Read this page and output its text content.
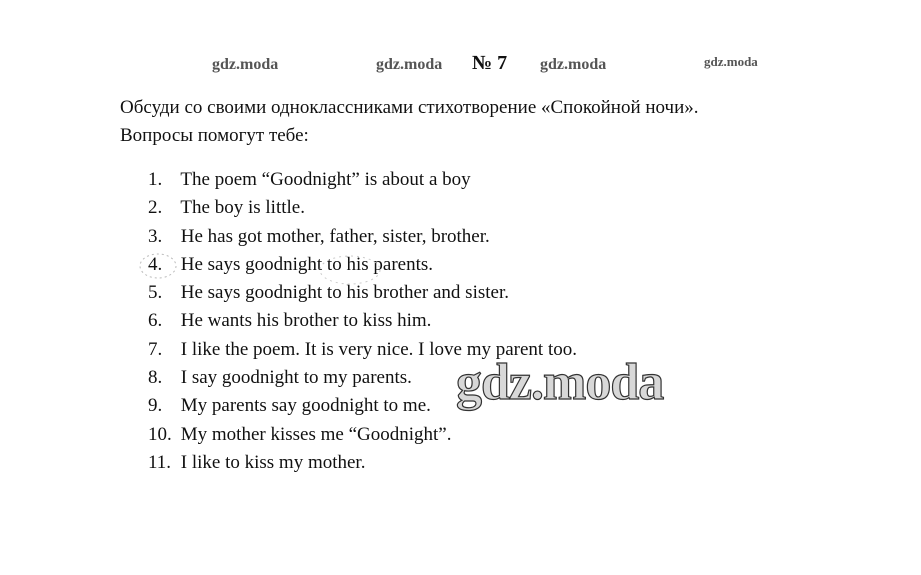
gdz.moda	gdz.moda № 7 gdz.moda	gdz.moda
Обсуди со своими одноклассниками стихотворение «Спокойной ночи».
Вопросы помогут тебе:
1. The poem “Goodnight” is about a boy
2. The boy is little.
3. He has got mother, father, sister, brother.
4. He says goodnight to his parents.
5. He says goodnight to his brother and sister.
6. He wants his brother to kiss him.
7. I like the poem. It is very nice. I love my parent too.
8. I say goodnight to my parents.
9. My parents say goodnight to me.
10. My mother kisses me “Goodnight”.
11. I like to kiss my mother.
gdz.moda
